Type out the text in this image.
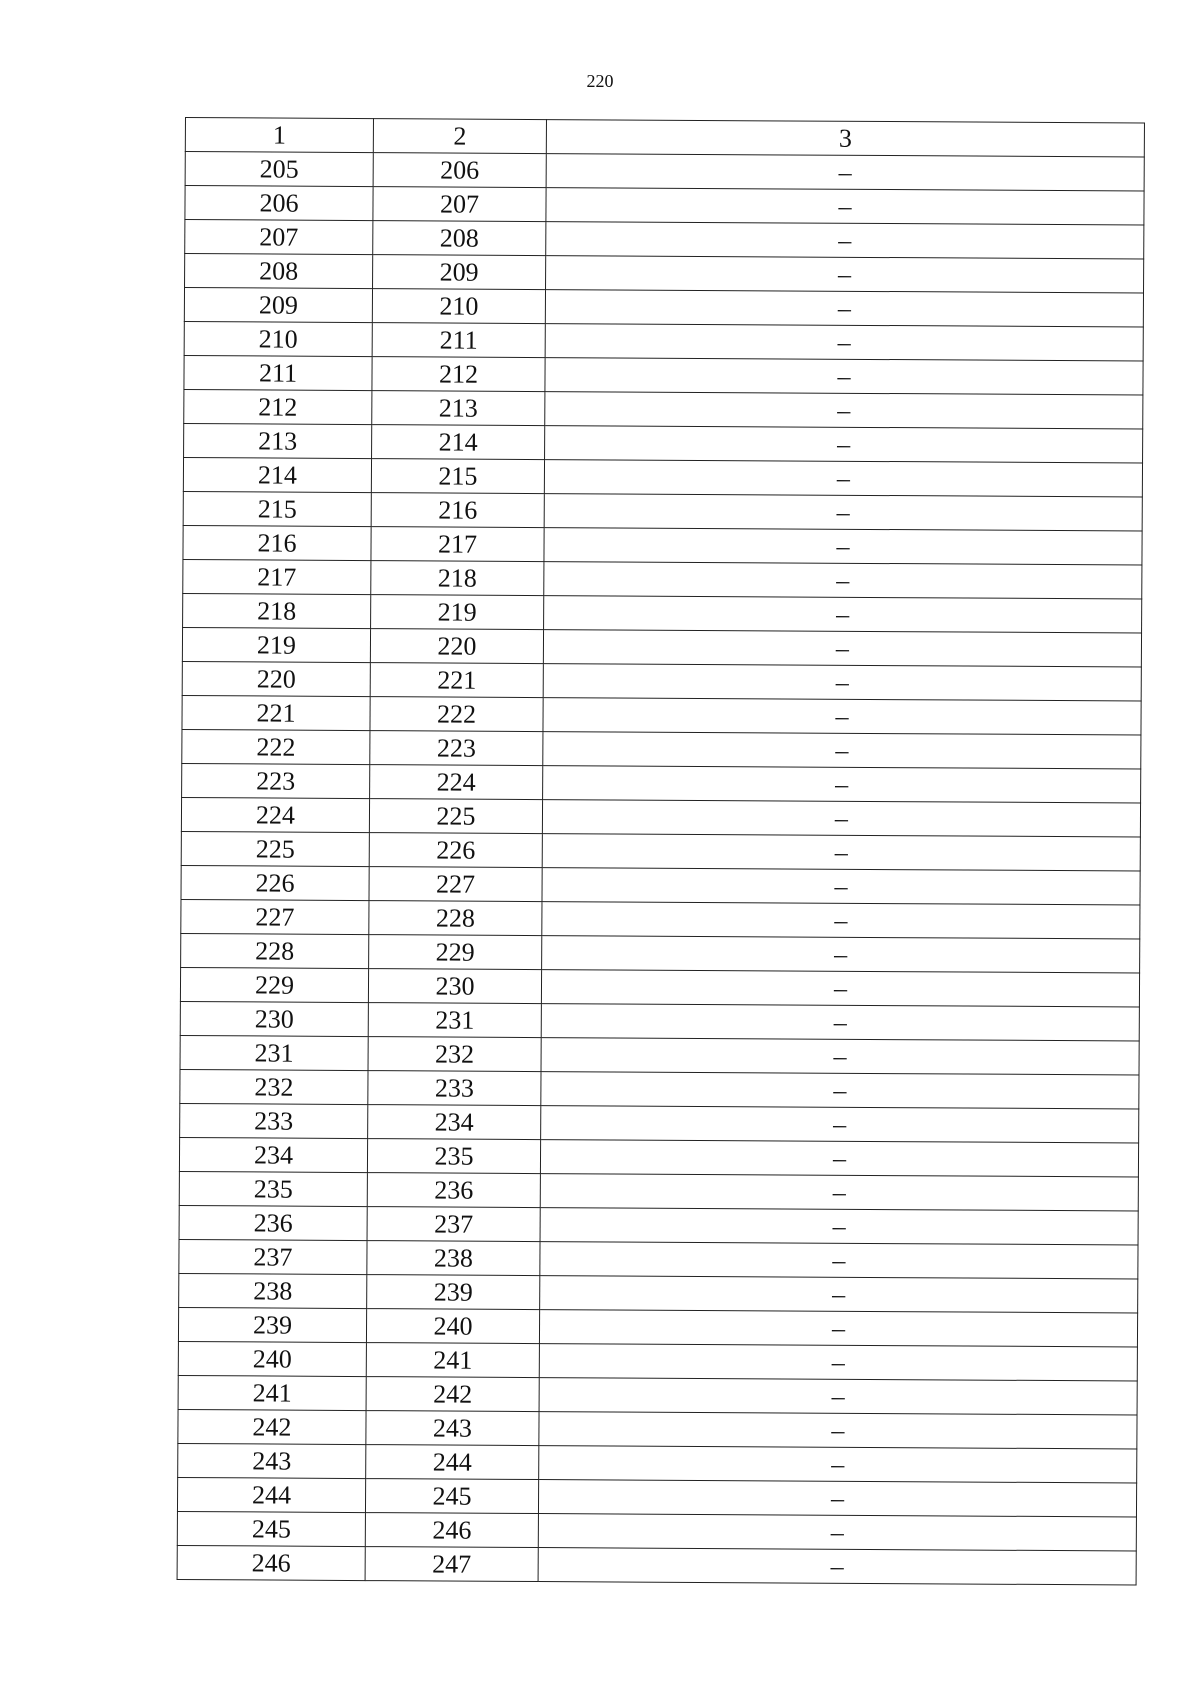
220
1	2	3
205	206	–
206	207	–
207	208	–
208	209	–
209	210	–
210	211	–
211	212	–
212	213	–
213	214	–
214	215	–
215	216	–
216	217	–
217	218	–
218	219	–
219	220	–
220	221	–
221	222	–
222	223	–
223	224	–
224	225	–
225	226	–
226	227	–
227	228	–
228	229	–
229	230	–
230	231	–
231	232	–
232	233	–
233	234	–
234	235	–
235	236	–
236	237	–
237	238	–
238	239	–
239	240	–
240	241	–
241	242	–
242	243	–
243	244	–
244	245	–
245	246	–
246	247	–
